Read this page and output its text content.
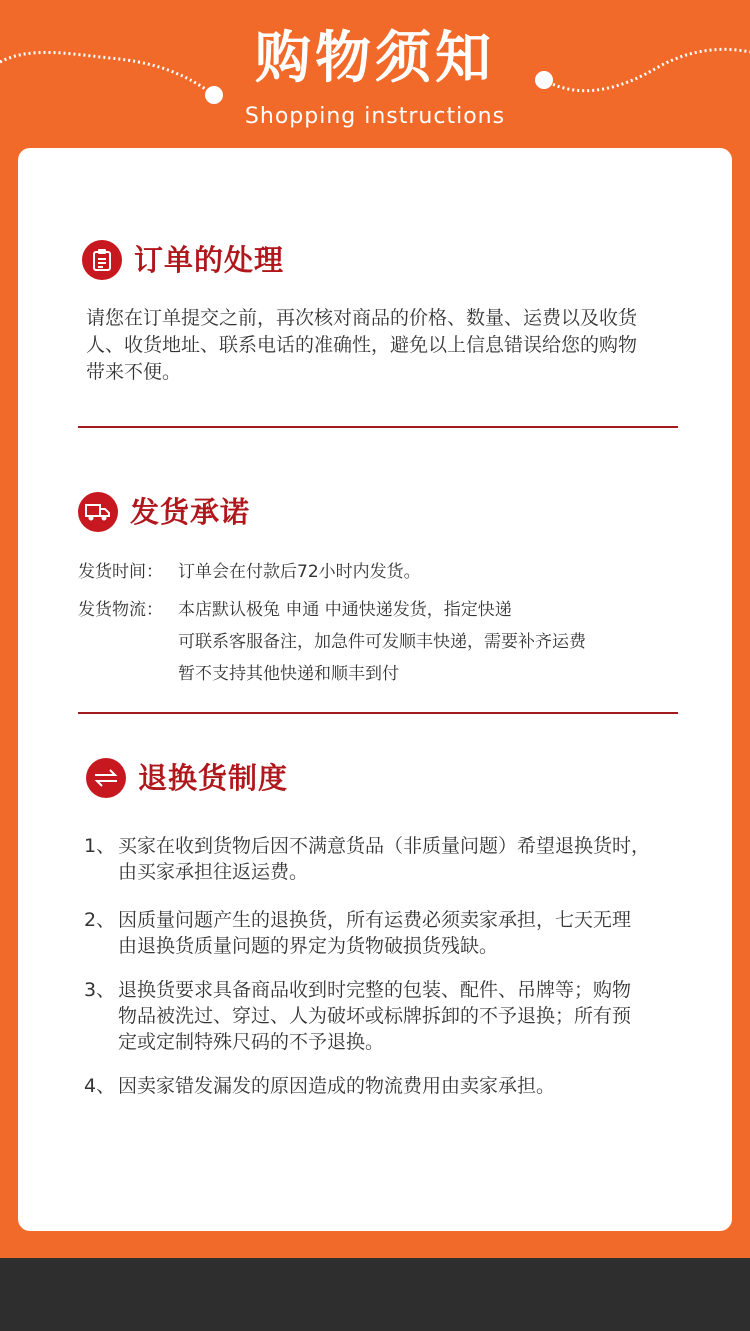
购物须知
Shopping instructions
订单的处理
请您在订单提交之前，再次核对商品的价格、数量、运费以及收货
人、收货地址、联系电话的准确性，避免以上信息错误给您的购物
带来不便。
发货承诺
发货时间： 订单会在付款后72小时内发货。
发货物流： 本店默认极兔 申通 中通快递发货，指定快递
可联系客服备注，加急件可发顺丰快递，需要补齐运费
暂不支持其他快递和顺丰到付
退换货制度
1、 买家在收到货物后因不满意货品（非质量问题）希望退换货时，
由买家承担往返运费。
2、 因质量问题产生的退换货，所有运费必须卖家承担，七天无理
由退换货质量问题的界定为货物破损货残缺。
3、 退换货要求具备商品收到时完整的包装、配件、吊牌等；购物
物品被洗过、穿过、人为破坏或标牌拆卸的不予退换；所有预
定或定制特殊尺码的不予退换。
4、 因卖家错发漏发的原因造成的物流费用由卖家承担。
